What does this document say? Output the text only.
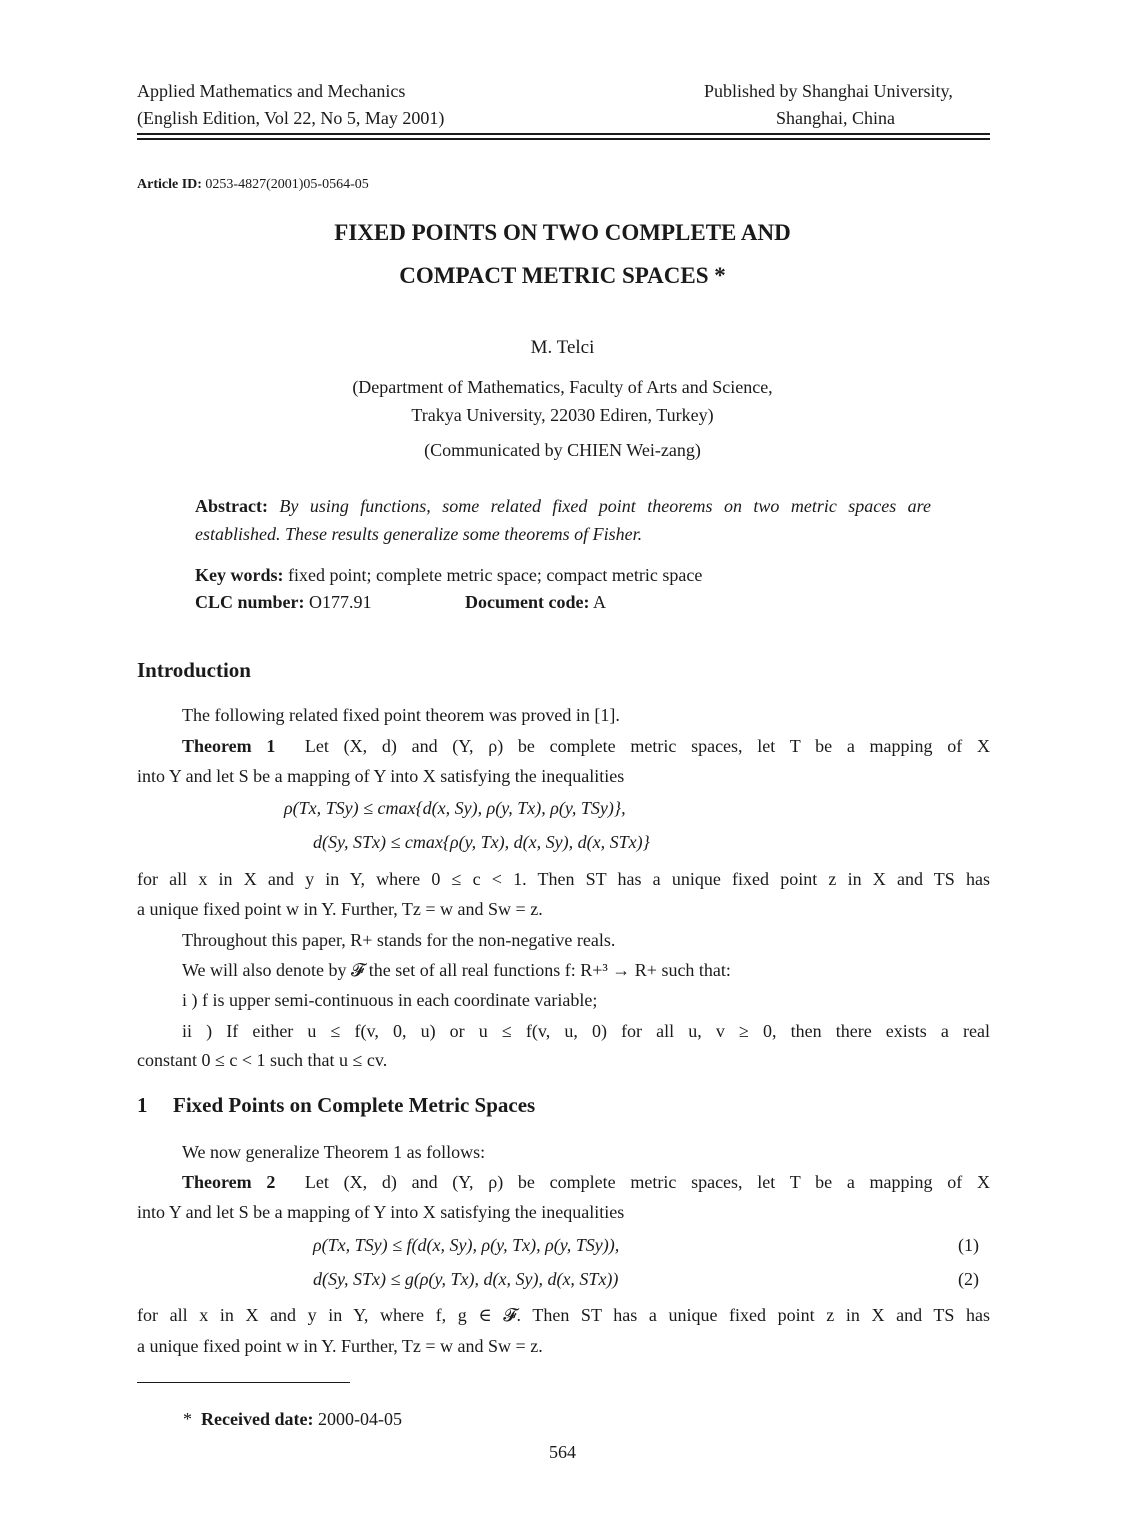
Applied Mathematics and Mechanics
(English Edition, Vol 22, No 5, May 2001)
Published by Shanghai University,
Shanghai, China
Article ID: 0253-4827(2001)05-0564-05
FIXED POINTS ON TWO COMPLETE AND
COMPACT METRIC SPACES *
M. Telci
(Department of Mathematics, Faculty of Arts and Science,
Trakya University, 22030 Ediren, Turkey)
(Communicated by CHIEN Wei-zang)
Abstract: By using functions, some related fixed point theorems on two metric spaces are
established. These results generalize some theorems of Fisher.
Key words: fixed point; complete metric space; compact metric space
CLC number: O177.91	Document code: A
Introduction
The following related fixed point theorem was proved in [1].
Theorem 1 Let (X, d) and (Y, ρ) be complete metric spaces, let T be a mapping of X
into Y and let S be a mapping of Y into X satisfying the inequalities
ρ(Tx, TSy) ≤ cmax{d(x, Sy), ρ(y, Tx), ρ(y, TSy)},
d(Sy, STx) ≤ cmax{ρ(y, Tx), d(x, Sy), d(x, STx)}
for all x in X and y in Y, where 0 ≤ c < 1. Then ST has a unique fixed point z in X and TS has
a unique fixed point w in Y. Further, Tz = w and Sw = z.
Throughout this paper, R+ stands for the non-negative reals.
We will also denote by 𝓕 the set of all real functions f: R+³ → R+ such that:
i ) f is upper semi-continuous in each coordinate variable;
ii ) If either u ≤ f(v, 0, u) or u ≤ f(v, u, 0) for all u, v ≥ 0, then there exists a real
constant 0 ≤ c < 1 such that u ≤ cv.
1 Fixed Points on Complete Metric Spaces
We now generalize Theorem 1 as follows:
Theorem 2 Let (X, d) and (Y, ρ) be complete metric spaces, let T be a mapping of X
into Y and let S be a mapping of Y into X satisfying the inequalities
ρ(Tx, TSy) ≤ f(d(x, Sy), ρ(y, Tx), ρ(y, TSy)),	(1)
d(Sy, STx) ≤ g(ρ(y, Tx), d(x, Sy), d(x, STx))	(2)
for all x in X and y in Y, where f, g ∈ 𝓕. Then ST has a unique fixed point z in X and TS has
a unique fixed point w in Y. Further, Tz = w and Sw = z.
* Received date: 2000-04-05
564
